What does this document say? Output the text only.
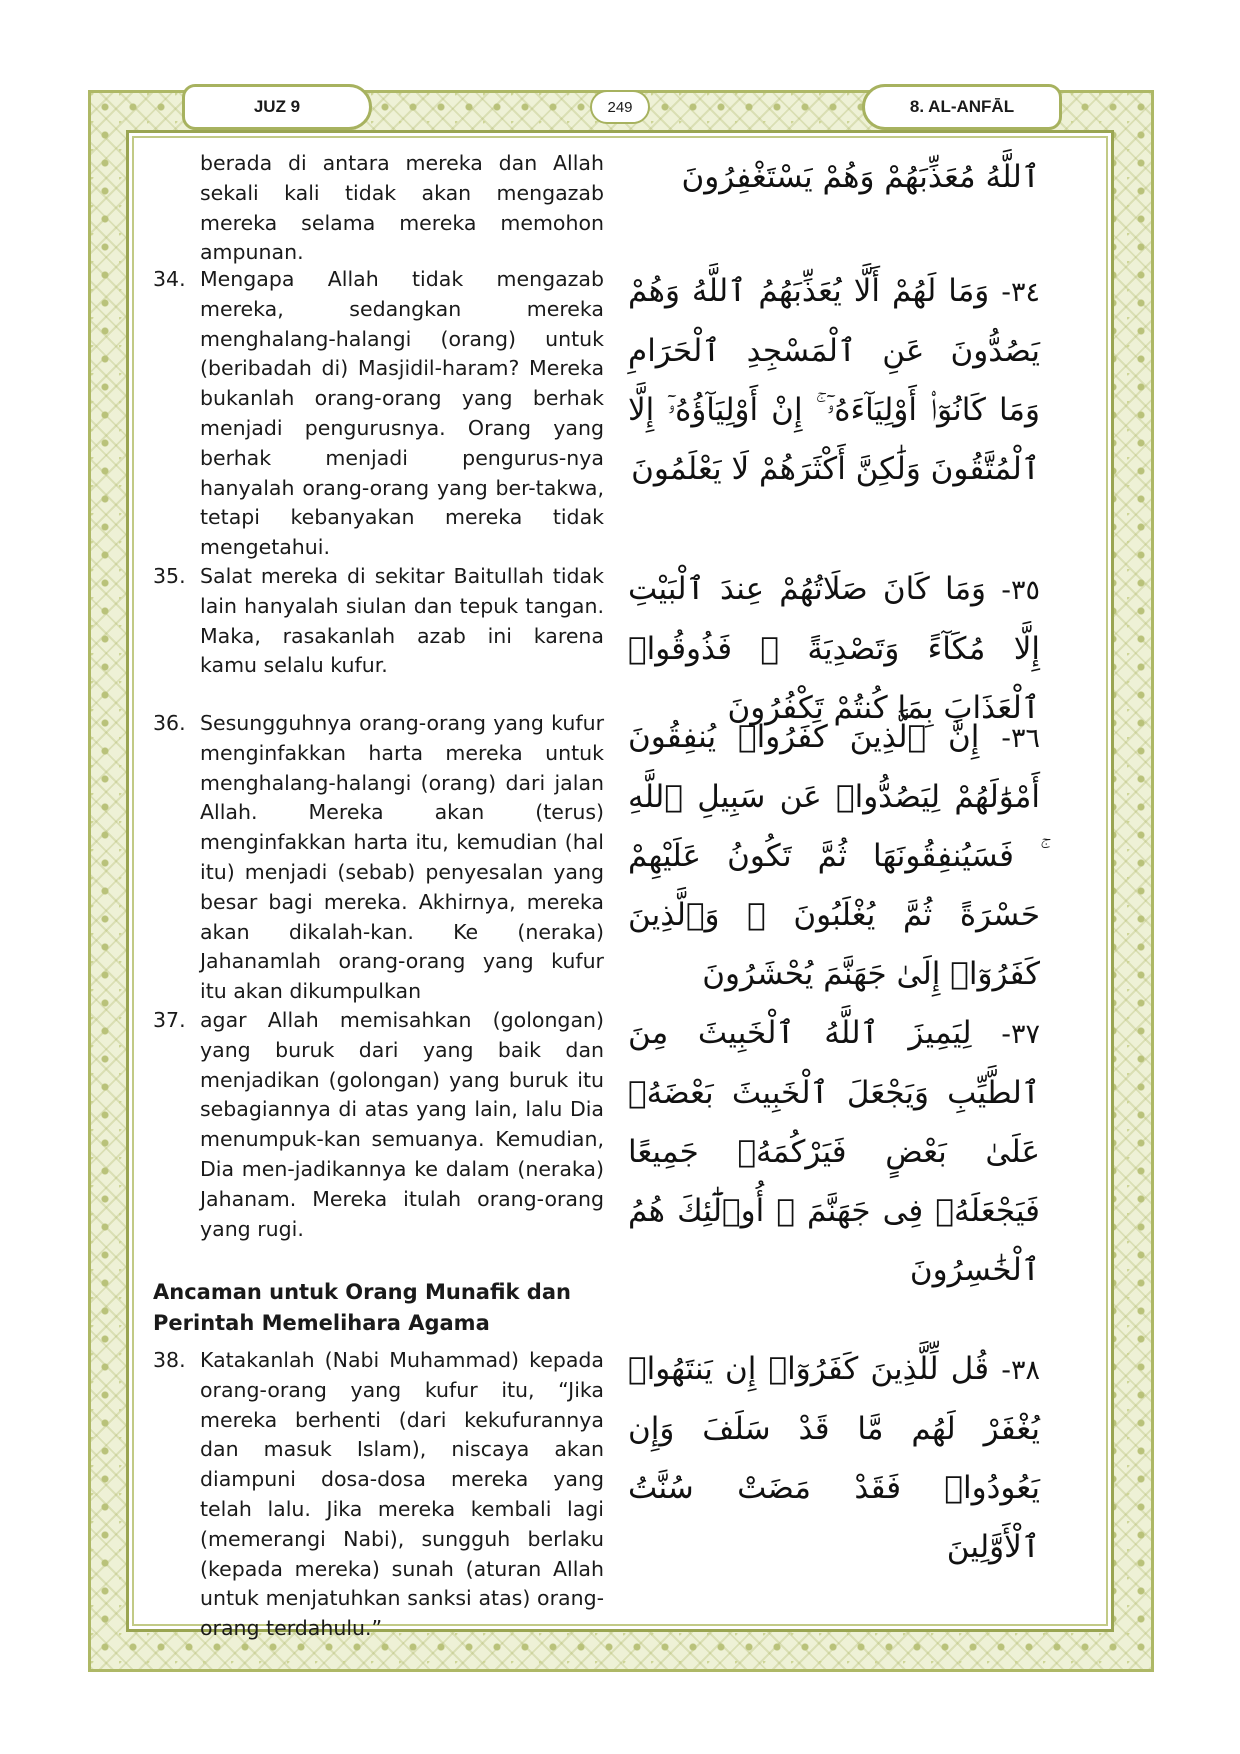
JUZ 9	249	8. AL-ANFĀL
berada di antara mereka dan Allah sekali kali tidak akan mengazab mereka selama mereka memohon ampunan.
34. Mengapa Allah tidak mengazab mereka, sedangkan mereka menghalang-halangi (orang) untuk (beribadah di) Masjidil-haram? Mereka bukanlah orang-orang yang berhak menjadi pengurusnya. Orang yang berhak menjadi pengurus-nya hanyalah orang-orang yang ber-takwa, tetapi kebanyakan mereka tidak mengetahui.
35. Salat mereka di sekitar Baitullah tidak lain hanyalah siulan dan tepuk tangan. Maka, rasakanlah azab ini karena kamu selalu kufur.
36. Sesungguhnya orang-orang yang kufur menginfakkan harta mereka untuk menghalang-halangi (orang) dari jalan Allah. Mereka akan (terus) menginfakkan harta itu, kemudian (hal itu) menjadi (sebab) penyesalan yang besar bagi mereka. Akhirnya, mereka akan dikalah-kan. Ke (neraka) Jahanamlah orang-orang yang kufur itu akan dikumpulkan
37. agar Allah memisahkan (golongan) yang buruk dari yang baik dan menjadikan (golongan) yang buruk itu sebagiannya di atas yang lain, lalu Dia menumpuk-kan semuanya. Kemudian, Dia men-jadikannya ke dalam (neraka) Jahanam. Mereka itulah orang-orang yang rugi.
Ancaman untuk Orang Munafik dan Perintah Memelihara Agama
38. Katakanlah (Nabi Muhammad) kepada orang-orang yang kufur itu, “Jika mereka berhenti (dari kekufurannya dan masuk Islam), niscaya akan diampuni dosa-dosa mereka yang telah lalu. Jika mereka kembali lagi (memerangi Nabi), sungguh berlaku (kepada mereka) sunah (aturan Allah untuk menjatuhkan sanksi atas) orang-orang terdahulu.”
ٱللَّهُ مُعَذِّبَهُمْ وَهُمْ يَسْتَغْفِرُونَ
٣٤- وَمَا لَهُمْ أَلَّا يُعَذِّبَهُمُ ٱللَّهُ وَهُمْ يَصُدُّونَ عَنِ ٱلْمَسْجِدِ ٱلْحَرَامِ وَمَا كَانُوٓا۟ أَوْلِيَآءَهُۥٓ ۚ إِنْ أَوْلِيَآؤُهُۥٓ إِلَّا ٱلْمُتَّقُونَ وَلَٰكِنَّ أَكْثَرَهُمْ لَا يَعْلَمُونَ
٣٥- وَمَا كَانَ صَلَاتُهُمْ عِندَ ٱلْبَيْتِ إِلَّا مُكَآءً وَتَصْدِيَةً ۚ فَذُوقُوا۟ ٱلْعَذَابَ بِمَا كُنتُمْ تَكْفُرُونَ
٣٦- إِنَّ ٱلَّذِينَ كَفَرُوا۟ يُنفِقُونَ أَمْوَٰلَهُمْ لِيَصُدُّوا۟ عَن سَبِيلِ ٱللَّهِ ۚ فَسَيُنفِقُونَهَا ثُمَّ تَكُونُ عَلَيْهِمْ حَسْرَةً ثُمَّ يُغْلَبُونَ ۗ وَٱلَّذِينَ كَفَرُوٓا۟ إِلَىٰ جَهَنَّمَ يُحْشَرُونَ
٣٧- لِيَمِيزَ ٱللَّهُ ٱلْخَبِيثَ مِنَ ٱلطَّيِّبِ وَيَجْعَلَ ٱلْخَبِيثَ بَعْضَهُۥ عَلَىٰ بَعْضٍ فَيَرْكُمَهُۥ جَمِيعًا فَيَجْعَلَهُۥ فِى جَهَنَّمَ ۚ أُو۟لَٰٓئِكَ هُمُ ٱلْخَٰسِرُونَ
٣٨- قُل لِّلَّذِينَ كَفَرُوٓا۟ إِن يَنتَهُوا۟ يُغْفَرْ لَهُم مَّا قَدْ سَلَفَ وَإِن يَعُودُوا۟ فَقَدْ مَضَتْ سُنَّتُ ٱلْأَوَّلِينَ
